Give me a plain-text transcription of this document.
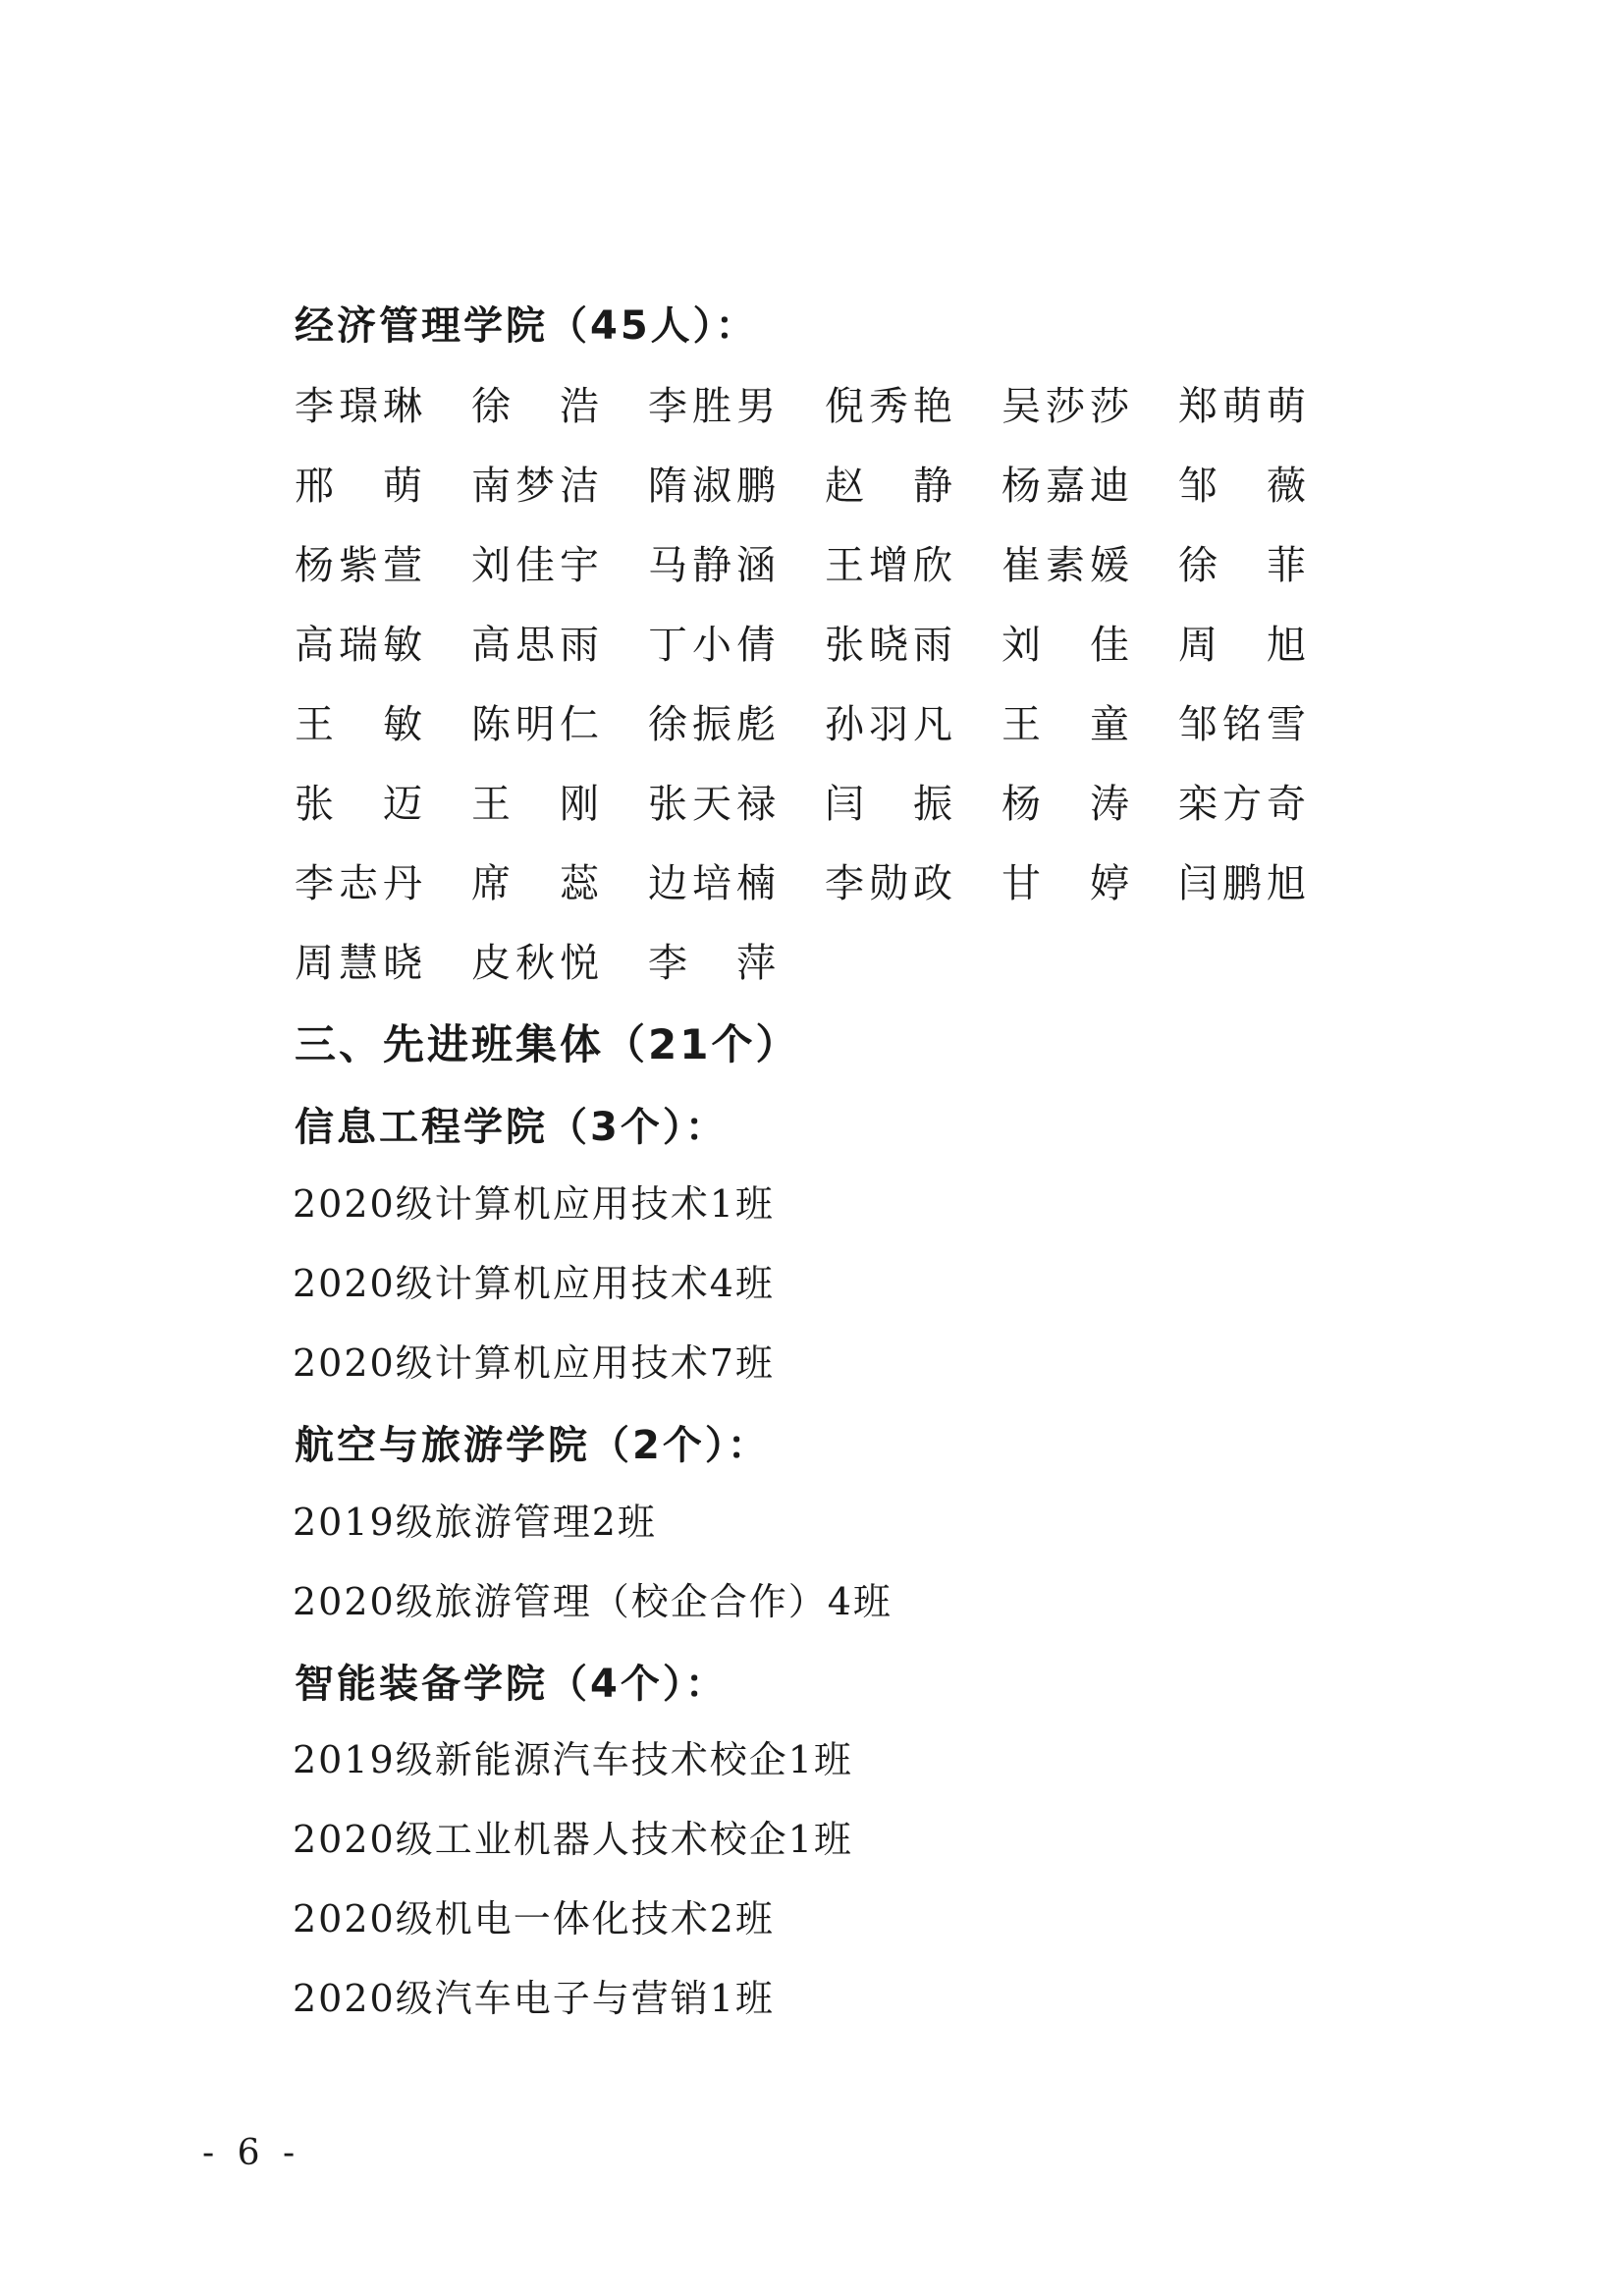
经济管理学院（45人）：
李 璟 琳 徐
　 浩 李 胜 男 倪 秀 艳 吴 莎 莎 郑 萌 萌
邢
　 萌 南 梦 洁 隋 淑 鹏 赵
　 静 杨 嘉 迪 邹
　 薇
杨 紫 萱 刘 佳 宇 马 静 涵 王 增 欣 崔 素 媛 徐
　 菲
高 瑞 敏 高 思 雨 丁 小 倩 张 晓 雨 刘
　 佳 周
　 旭
王
　 敏 陈 明 仁 徐 振 彪 孙 羽 凡 王
　 童 邹 铭 雪
张
　 迈 王
　 刚 张 天 禄 闫
　 振 杨
　 涛 栾 方 奇
李 志 丹 席
　 蕊 边 培 楠 李 勋 政 甘
　 婷 闫 鹏 旭
周 慧 晓 皮 秋 悦 李
　 萍
三、先进班集体（21个）
信息工程学院（3个）：
2020级计算机应用技术1班
2020级计算机应用技术4班
2020级计算机应用技术7班
航空与旅游学院（2个）：
2019级旅游管理2班
2020级旅游管理（校企合作）4班
智能装备学院（4个）：
2019级新能源汽车技术校企1班
2020级工业机器人技术校企1班
2020级机电一体化技术2班
2020级汽车电子与营销1班
- 6 -
